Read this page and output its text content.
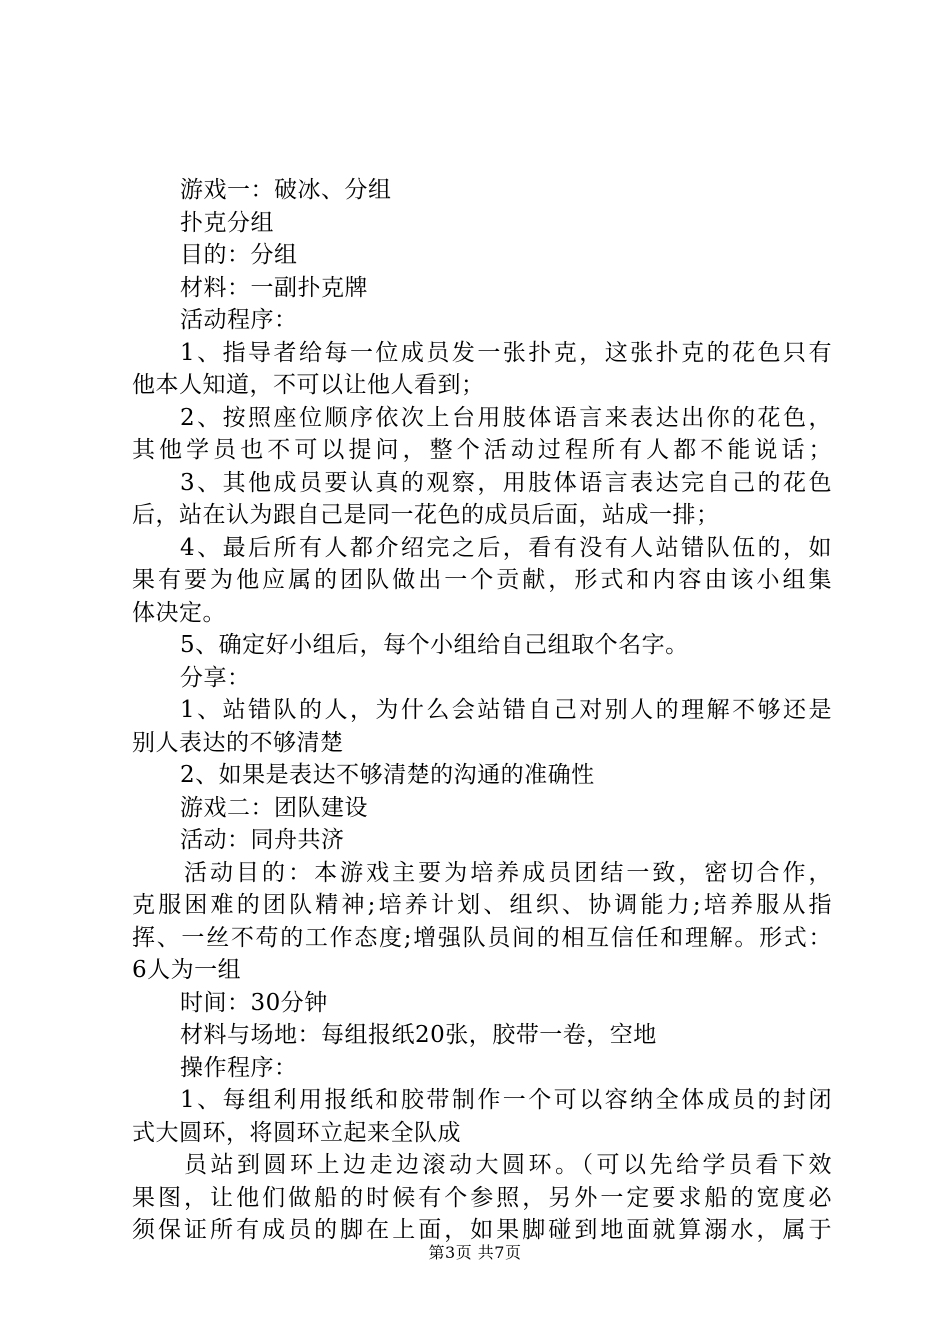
游戏一：破冰、分组
扑克分组
目的：分组
材料：一副扑克牌
活动程序：
1、指导者给每一位成员发一张扑克，这张扑克的花色只有
他本人知道，不可以让他人看到；
2、按照座位顺序依次上台用肢体语言来表达出你的花色，
其他学员也不可以提问，整个活动过程所有人都不能说话；
3、其他成员要认真的观察，用肢体语言表达完自己的花色
后，站在认为跟自己是同一花色的成员后面，站成一排；
4、最后所有人都介绍完之后，看有没有人站错队伍的，如
果有要为他应属的团队做出一个贡献，形式和内容由该小组集
体决定。
5、确定好小组后，每个小组给自己组取个名字。
分享：
1、站错队的人，为什么会站错自己对别人的理解不够还是
别人表达的不够清楚
2、如果是表达不够清楚的沟通的准确性
游戏二：团队建设
活动：同舟共济
活动目的：本游戏主要为培养成员团结一致，密切合作，
克服困难的团队精神;培养计划、组织、协调能力;培养服从指
挥、一丝不苟的工作态度;增强队员间的相互信任和理解。形式：
6人为一组
时间：30分钟
材料与场地：每组报纸20张，胶带一卷，空地
操作程序：
1、每组利用报纸和胶带制作一个可以容纳全体成员的封闭
式大圆环，将圆环立起来全队成
员站到圆环上边走边滚动大圆环。（可以先给学员看下效
果图，让他们做船的时候有个参照，另外一定要求船的宽度必
须保证所有成员的脚在上面，如果脚碰到地面就算溺水，属于
第3页 共7页
